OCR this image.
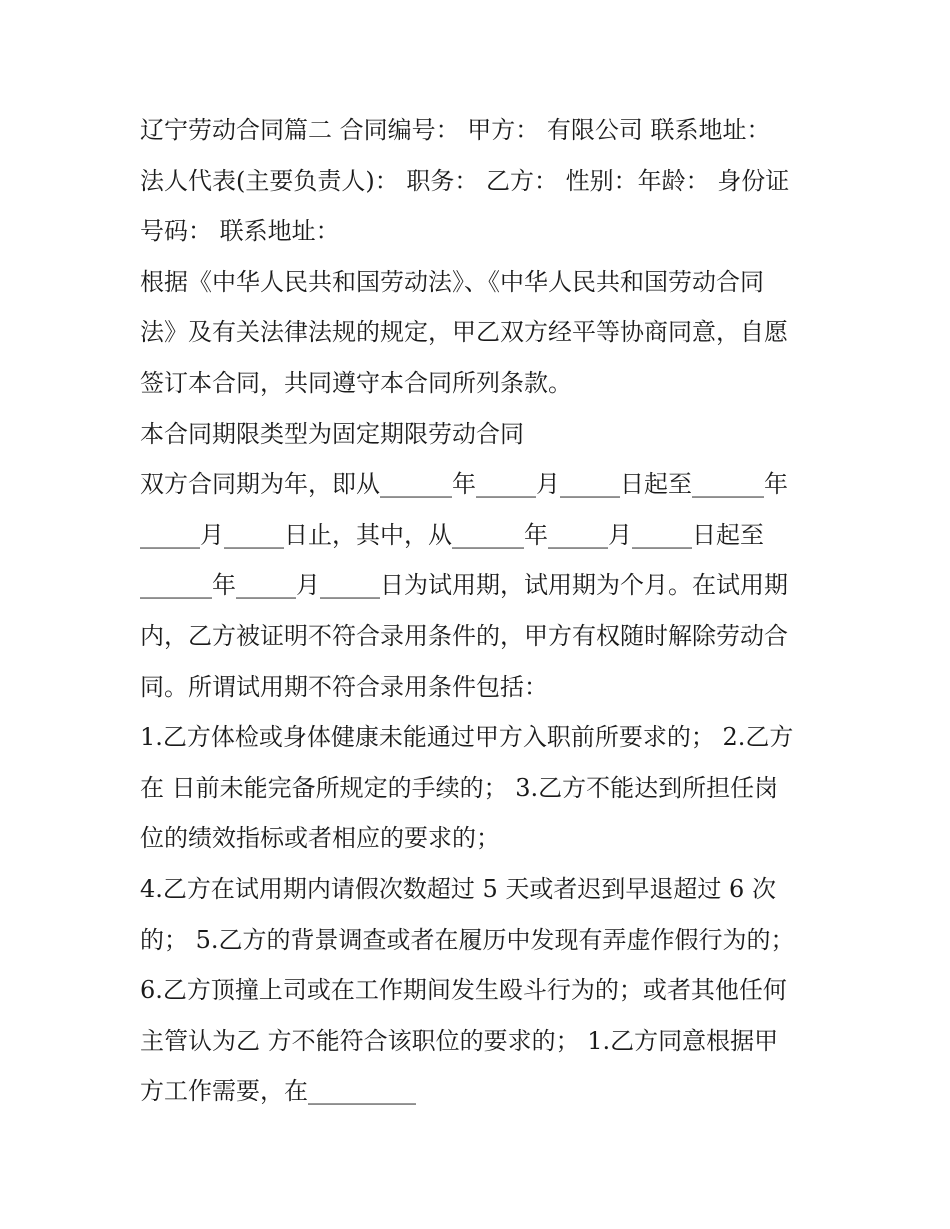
辽宁劳动合同篇二 合同编号： 甲方： 有限公司 联系地址：
法人代表(主要负责人)： 职务： 乙方： 性别：年龄： 身份证
号码： 联系地址：
根据《中华人民共和国劳动法》、《中华人民共和国劳动合同
法》及有关法律法规的规定，甲乙双方经平等协商同意，自愿
签订本合同，共同遵守本合同所列条款。
本合同期限类型为固定期限劳动合同
双方合同期为年，即从______年_____月_____日起至______年
_____月_____日止，其中，从______年_____月_____日起至
______年_____月_____日为试用期，试用期为个月。在试用期
内，乙方被证明不符合录用条件的，甲方有权随时解除劳动合
同。所谓试用期不符合录用条件包括：
1.乙方体检或身体健康未能通过甲方入职前所要求的； 2.乙方
在 日前未能完备所规定的手续的； 3.乙方不能达到所担任岗
位的绩效指标或者相应的要求的；
4.乙方在试用期内请假次数超过 5 天或者迟到早退超过 6 次
的； 5.乙方的背景调查或者在履历中发现有弄虚作假行为的；
6.乙方顶撞上司或在工作期间发生殴斗行为的；或者其他任何
主管认为乙 方不能符合该职位的要求的； 1.乙方同意根据甲
方工作需要，在_________
